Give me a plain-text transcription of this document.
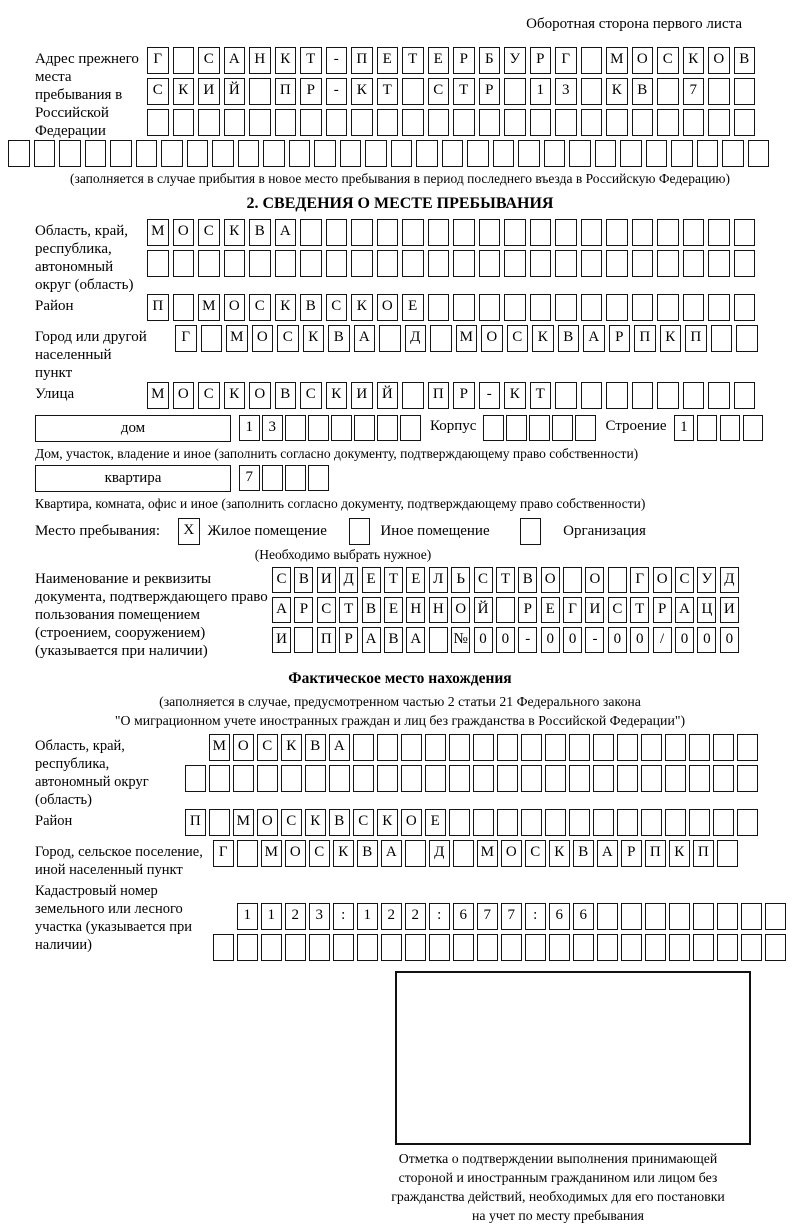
Оборотная сторона первого листа
Адрес прежнего места пребывания в Российской Федерации
Г	С	А Н	К	Т	-	П	Е	Т	Е	Р	Б	У	Р	Г	М О	С	К	О	В
С	К	И Й	П	Р	-	К	Т	С	Т	Р	1	3	К	В	7
(заполняется в случае прибытия в новое место пребывания в период последнего въезда в Российскую Федерацию)
2. СВЕДЕНИЯ О МЕСТЕ ПРЕБЫВАНИЯ
Область, край, республика, автономный округ (область)
М О	С	К	В	А
Район	П	М О	С	К	В	С	К	О	Е
Город или другой населенный пункт
Г	М О	С	К	В	А	Д	М О	С	К	В	А	Р	П	К	П
Улица	М О	С	К	О	В	С	К	И Й	П	Р	-	К	Т
дом	1	3	Корпус	Строение 1
Дом, участок, владение и иное (заполнить согласно документу, подтверждающему право собственности)
квартира	7
Квартира, комната, офис и иное (заполнить согласно документу, подтверждающему право собственности)
Место пребывания:	X Жилое помещение	Иное помещение	Организация
(Необходимо выбрать нужное)
Наименование и реквизиты документа, подтверждающего право пользования помещением (строением, сооружением) (указывается при наличии)
С В И Д Е Т Е Л Ь С Т В О О	Г О С У Д
А Р С Т В Е Н Н О Й	Р Е Г И С Т Р А Ц И
И П Р А В А № 0 0	-	0 0	-	0 0	/	0 0 0
Фактическое место нахождения
(заполняется в случае, предусмотренном частью 2 статьи 21 Федерального закона
"О миграционном учете иностранных граждан и лиц без гражданства в Российской Федерации")
Область, край, республика, автономный округ (область)
М О С К В А
Район	П	М О С К В С К О Е
Город, сельское поселение, иной населенный пункт
Г	М О С К В А	Д	М О С К В А Р П К П
Кадастровый номер земельного или лесного участка (указывается при наличии)
1	1	2	3	:	1	2	2	:	6	7	7	:	6	6
Отметка о подтверждении выполнения принимающей
стороной и иностранным гражданином или лицом без
гражданства действий, необходимых для его постановки
на учет по месту пребывания
